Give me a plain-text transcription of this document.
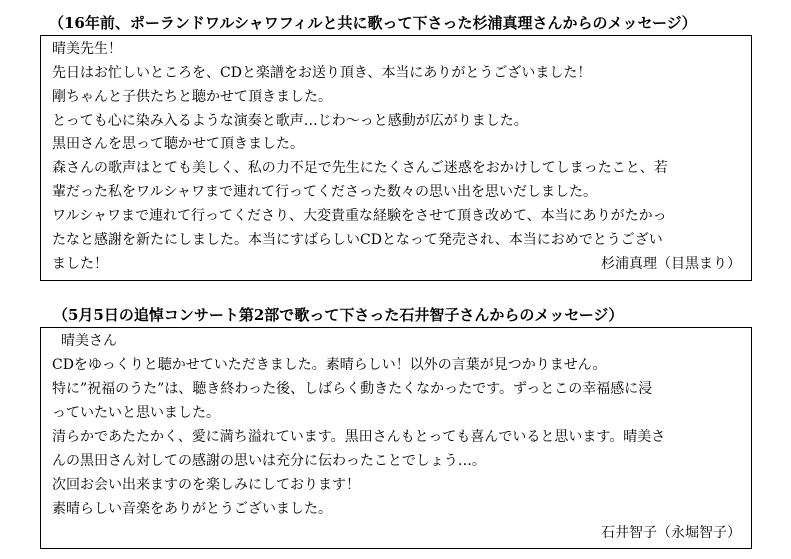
（16年前、ポーランドワルシャワフィルと共に歌って下さった杉浦真理さんからのメッセージ）
晴美先生！
先日はお忙しいところを、CDと楽譜をお送り頂き、本当にありがとうございました！
剛ちゃんと子供たちと聴かせて頂きました。
とっても心に染み入るような演奏と歌声…じわ～っと感動が広がりました。
黒田さんを思って聴かせて頂きました。
森さんの歌声はとても美しく、私の力不足で先生にたくさんご迷惑をおかけしてしまったこと、若
輩だった私をワルシャワまで連れて行ってくださった数々の思い出を思いだしました。
ワルシャワまで連れて行ってくださり、大変貴重な経験をさせて頂き改めて、本当にありがたかっ
たなと感謝を新たにしました。本当にすばらしいCDとなって発売され、本当におめでとうござい
ました！	杉浦真理（目黒まり）
（5月5日の追悼コンサート第2部で歌って下さった石井智子さんからのメッセージ）
晴美さん
CDをゆっくりと聴かせていただきました。素晴らしい！以外の言葉が見つかりません。
特に”祝福のうた”は、聴き終わった後、しばらく動きたくなかったです。ずっとこの幸福感に浸
っていたいと思いました。
清らかであたたかく、愛に満ち溢れています。黒田さんもとっても喜んでいると思います。晴美さ
んの黒田さん対しての感謝の思いは充分に伝わったことでしょう…。
次回お会い出来ますのを楽しみにしております！
素晴らしい音楽をありがとうございました。
石井智子（永堀智子）
